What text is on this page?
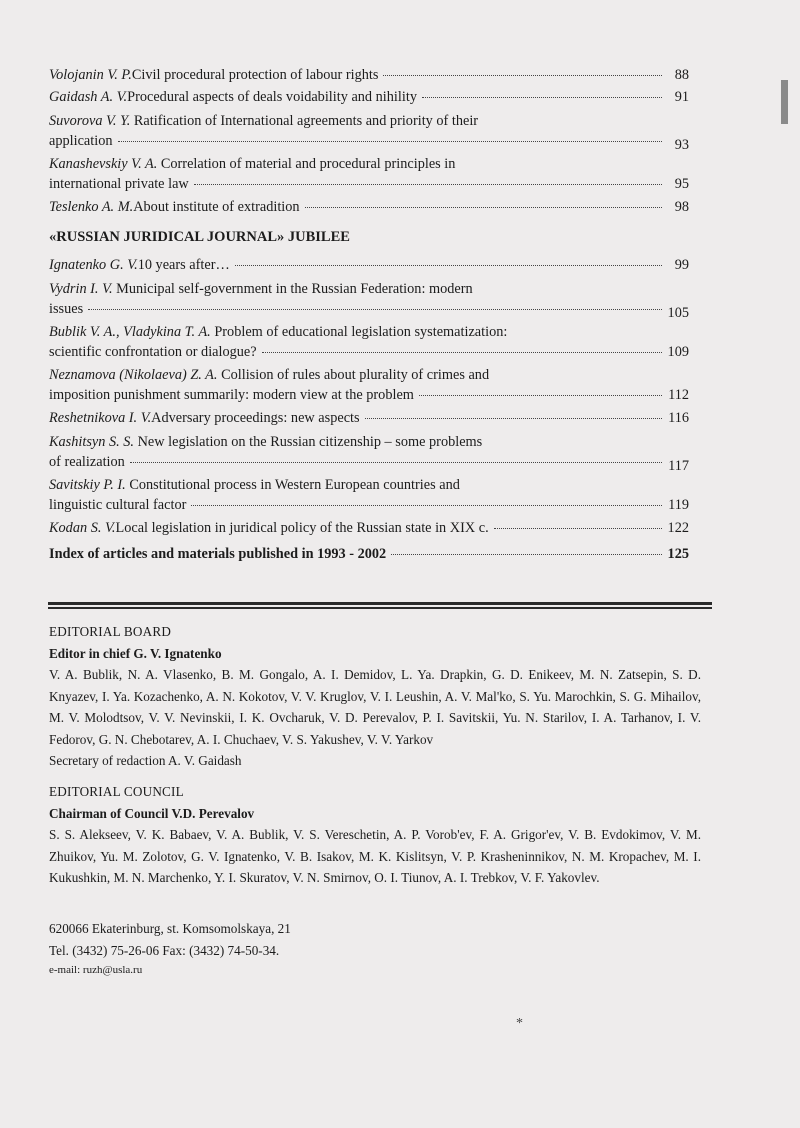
Volojanin V. P. Civil procedural protection of labour rights	88
Gaidash A. V. Procedural aspects of deals voidability and nihility	91
Suvorova V. Y. Ratification of International agreements and priority of their
application	93
Kanashevskiy V. A. Correlation of material and procedural principles in
international private law	95
Teslenko A. M. About institute of extradition	98
«RUSSIAN JURIDICAL JOURNAL» JUBILEE
Ignatenko G. V. 10 years after…	99
Vydrin I. V. Municipal self-government in the Russian Federation: modern
issues	105
Bublik V. A., Vladykina T. A. Problem of educational legislation systematization:
scientific confrontation or dialogue?	109
Neznamova (Nikolaeva) Z. A. Collision of rules about plurality of crimes and
imposition punishment summarily: modern view at the problem	112
Reshetnikova I. V. Adversary proceedings: new aspects	116
Kashitsyn S. S. New legislation on the Russian citizenship – some problems
of realization	117
Savitskiy P. I. Constitutional process in Western European countries and
linguistic cultural factor	119
Kodan S. V. Local legislation in juridical policy of the Russian state in XIX c.	122
Index of articles and materials published in 1993 - 2002	125
EDITORIAL BOARD
Editor in chief G. V. Ignatenko
V. A. Bublik, N. A. Vlasenko, B. M. Gongalo, A. I. Demidov, L. Ya. Drapkin, G. D. Enikeev, M. N. Zatsepin, S. D. Knyazev, I. Ya. Kozachenko, A. N. Kokotov, V. V. Kruglov, V. I. Leushin, A. V. Mal'ko, S. Yu. Marochkin, S. G. Mihailov, M. V. Molodtsov, V. V. Nevinskii, I. K. Ovcharuk, V. D. Perevalov, P. I. Savitskii, Yu. N. Starilov, I. A. Tarhanov, I. V. Fedorov, G. N. Chebotarev, A. I. Chuchaev, V. S. Yakushev, V. V. Yarkov
Secretary of redaction A. V. Gaidash
EDITORIAL COUNCIL
Chairman of Council V.D. Perevalov
S. S. Alekseev, V. K. Babaev, V. A. Bublik, V. S. Vereschetin, A. P. Vorob'ev, F. A. Grigor'ev, V. B. Evdokimov, V. M. Zhuikov, Yu. M. Zolotov, G. V. Ignatenko, V. B. Isakov, M. K. Kislitsyn, V. P. Krasheninnikov, N. M. Kropachev, M. I. Kukushkin, M. N. Marchenko, Y. I. Skuratov, V. N. Smirnov, O. I. Tiunov, A. I. Trebkov, V. F. Yakovlev.
620066 Ekaterinburg, st. Komsomolskaya, 21
Tel. (3432) 75-26-06 Fax: (3432) 74-50-34.
e-mail: ruzh@usla.ru
*
